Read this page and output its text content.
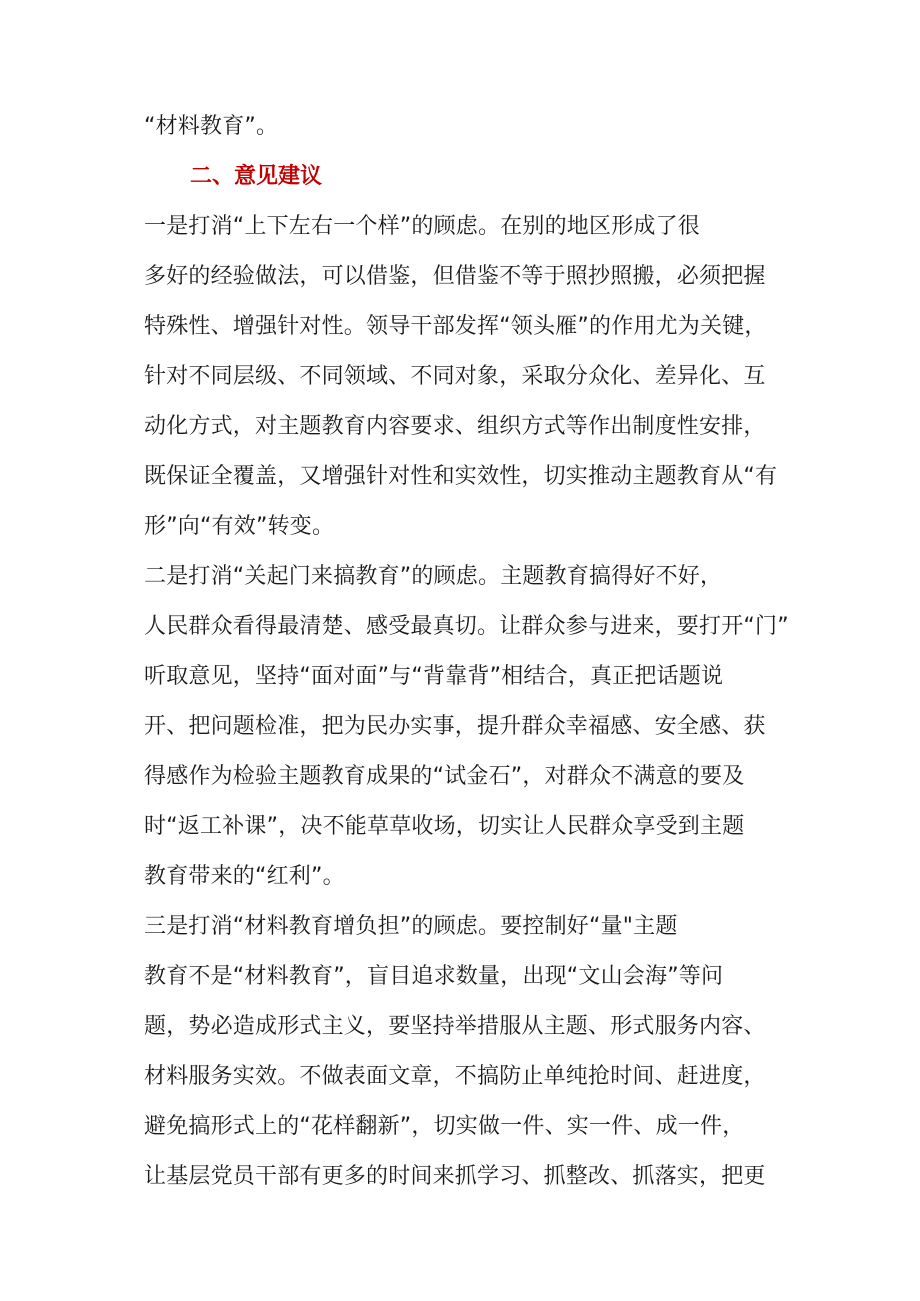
“材料教育”。
二、意见建议
一是打消“上下左右一个样”的顾虑。在别的地区形成了很
多好的经验做法，可以借鉴，但借鉴不等于照抄照搬，必须把握
特殊性、增强针对性。领导干部发挥“领头雁”的作用尤为关键，
针对不同层级、不同领域、不同对象，采取分众化、差异化、互
动化方式，对主题教育内容要求、组织方式等作出制度性安排，
既保证全覆盖，又增强针对性和实效性，切实推动主题教育从“有
形”向“有效”转变。
二是打消“关起门来搞教育”的顾虑。主题教育搞得好不好，
人民群众看得最清楚、感受最真切。让群众参与进来，要打开“门”
听取意见，坚持“面对面”与“背靠背”相结合，真正把话题说
开、把问题检准，把为民办实事，提升群众幸福感、安全感、获
得感作为检验主题教育成果的“试金石”，对群众不满意的要及
时“返工补课”，决不能草草收场，切实让人民群众享受到主题
教育带来的“红利”。
三是打消“材料教育增负担”的顾虑。要控制好“量"主题
教育不是“材料教育”，盲目追求数量，出现“文山会海”等问
题，势必造成形式主义，要坚持举措服从主题、形式服务内容、
材料服务实效。不做表面文章，不搞防止单纯抢时间、赶进度，
避免搞形式上的“花样翻新”，切实做一件、实一件、成一件，
让基层党员干部有更多的时间来抓学习、抓整改、抓落实，把更
